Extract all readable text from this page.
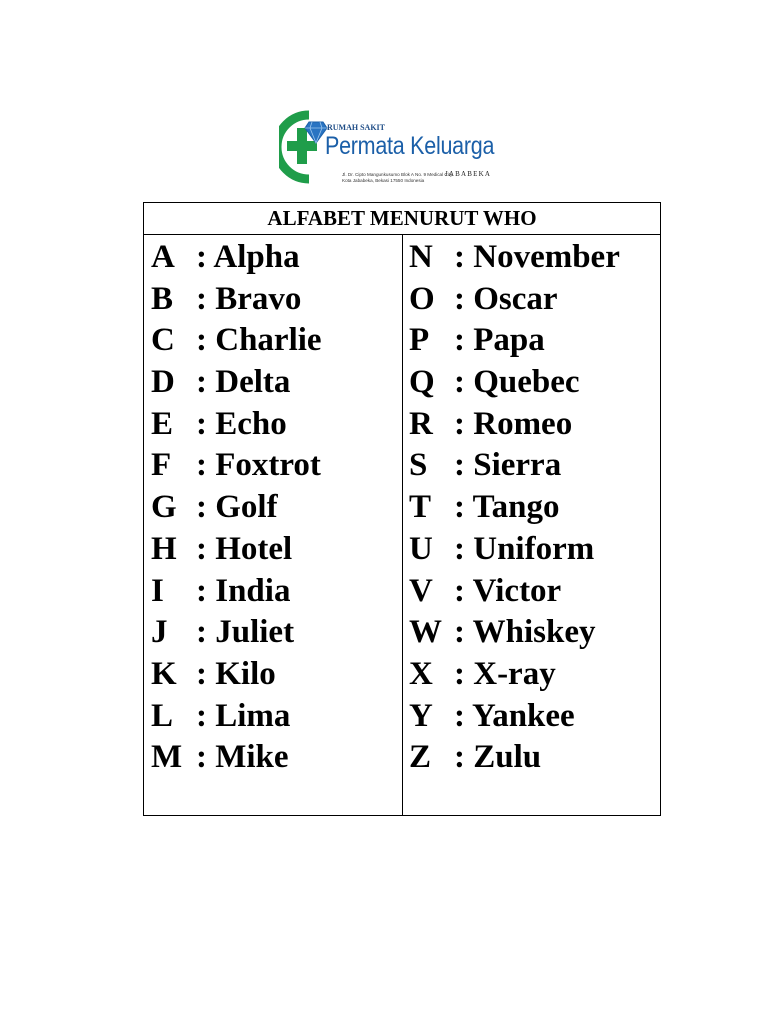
RUMAH SAKIT
Permata Keluarga
Jl. Dr. Cipto Mangunkusumo Blok A No. 9 Medical City
Kota Jababeka, Bekasi 17550 Indonesia
JABABEKA
ALFABET MENURUT WHO
A : Alpha
B : Bravo
C : Charlie
D : Delta
E : Echo
F : Foxtrot
G : Golf
H : Hotel
I : India
J : Juliet
K : Kilo
L : Lima
M : Mike
N : November
O : Oscar
P : Papa
Q : Quebec
R : Romeo
S : Sierra
T : Tango
U : Uniform
V : Victor
W : Whiskey
X : X-ray
Y : Yankee
Z : Zulu
